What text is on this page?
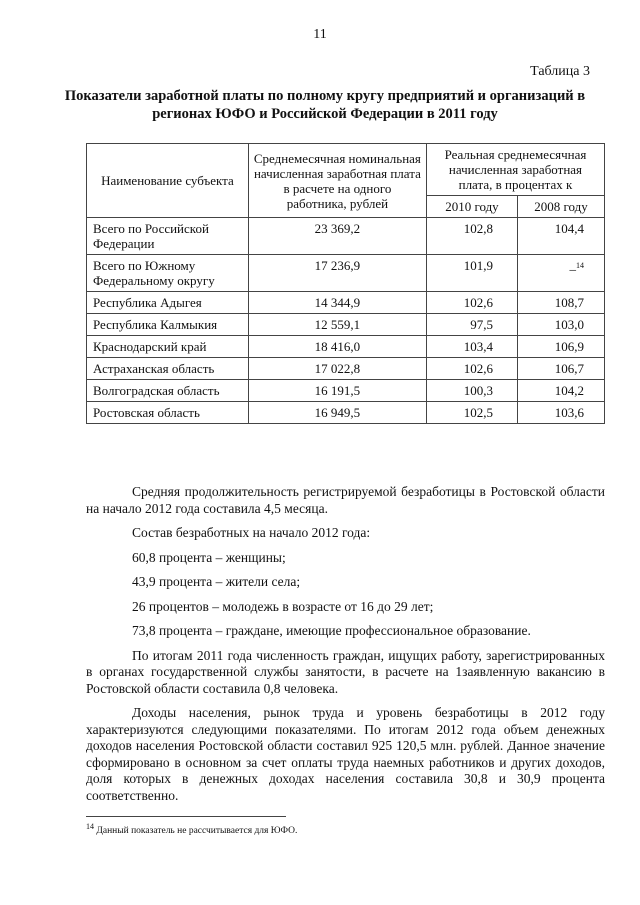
11
Таблица 3
Показатели заработной платы по полному кругу предприятий и организаций в регионах ЮФО и Российской Федерации в 2011 году
Наименование субъекта	Среднемесячная номинальная начисленная заработная плата в расчете на одного работника, рублей	Реальная среднемесячная начисленная заработная плата, в процентах к	
		2010 году	2008 году
Всего по Российской Федерации	23 369,2	102,8	104,4
Всего по Южному Федеральному округу	17 236,9	101,9	–$^{14}$
Республика Адыгея	14 344,9	102,6	108,7
Республика Калмыкия	12 559,1	97,5	103,0
Краснодарский край	18 416,0	103,4	106,9
Астраханская область	17 022,8	102,6	106,7
Волгоградская область	16 191,5	100,3	104,2
Ростовская область	16 949,5	102,5	103,6

Средняя продолжительность регистрируемой безработицы в Ростовской области на начало 2012 года составила 4,5 месяца.

Состав безработных на начало 2012 года:

60,8 процента – женщины;

43,9 процента – жители села;

26 процентов – молодежь в возрасте от 16 до 29 лет;

73,8 процента – граждане, имеющие профессиональное образование.

По итогам 2011 года численность граждан, ищущих работу, зарегистрированных в органах государственной службы занятости, в расчете на 1заявленную вакансию в Ростовской области составила 0,8 человека.

Доходы населения, рынок труда и уровень безработицы в 2012 году характеризуются следующими показателями. По итогам 2012 года объем денежных доходов населения Ростовской области составил 925 120,5 млн. рублей. Данное значение сформировано в основном за счет оплаты труда наемных работников и других доходов, доля которых в денежных доходах населения составила 30,8 и 30,9 процента соответственно.

$^{14}$ Данный показатель не рассчитывается для ЮФО.
